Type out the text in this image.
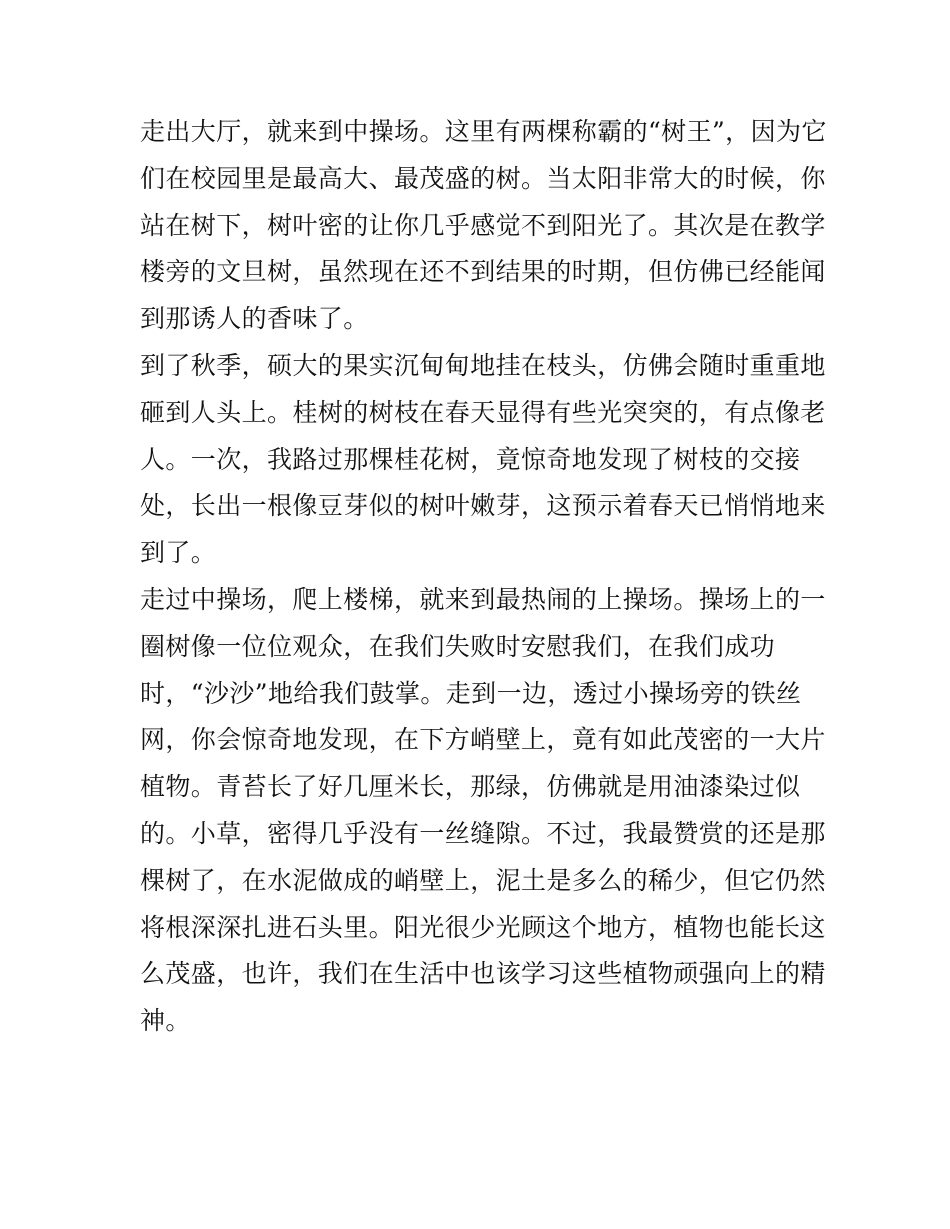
走出大厅，就来到中操场。这里有两棵称霸的“树王”，因为它
们在校园里是最高大、最茂盛的树。当太阳非常大的时候，你
站在树下，树叶密的让你几乎感觉不到阳光了。其次是在教学
楼旁的文旦树，虽然现在还不到结果的时期，但仿佛已经能闻
到那诱人的香味了。
到了秋季，硕大的果实沉甸甸地挂在枝头，仿佛会随时重重地
砸到人头上。桂树的树枝在春天显得有些光突突的，有点像老
人。一次，我路过那棵桂花树，竟惊奇地发现了树枝的交接
处，长出一根像豆芽似的树叶嫩芽，这预示着春天已悄悄地来
到了。
走过中操场，爬上楼梯，就来到最热闹的上操场。操场上的一
圈树像一位位观众，在我们失败时安慰我们，在我们成功
时，“沙沙”地给我们鼓掌。走到一边，透过小操场旁的铁丝
网，你会惊奇地发现，在下方峭壁上，竟有如此茂密的一大片
植物。青苔长了好几厘米长，那绿，仿佛就是用油漆染过似
的。小草，密得几乎没有一丝缝隙。不过，我最赞赏的还是那
棵树了，在水泥做成的峭壁上，泥土是多么的稀少，但它仍然
将根深深扎进石头里。阳光很少光顾这个地方，植物也能长这
么茂盛，也许，我们在生活中也该学习这些植物顽强向上的精
神。
